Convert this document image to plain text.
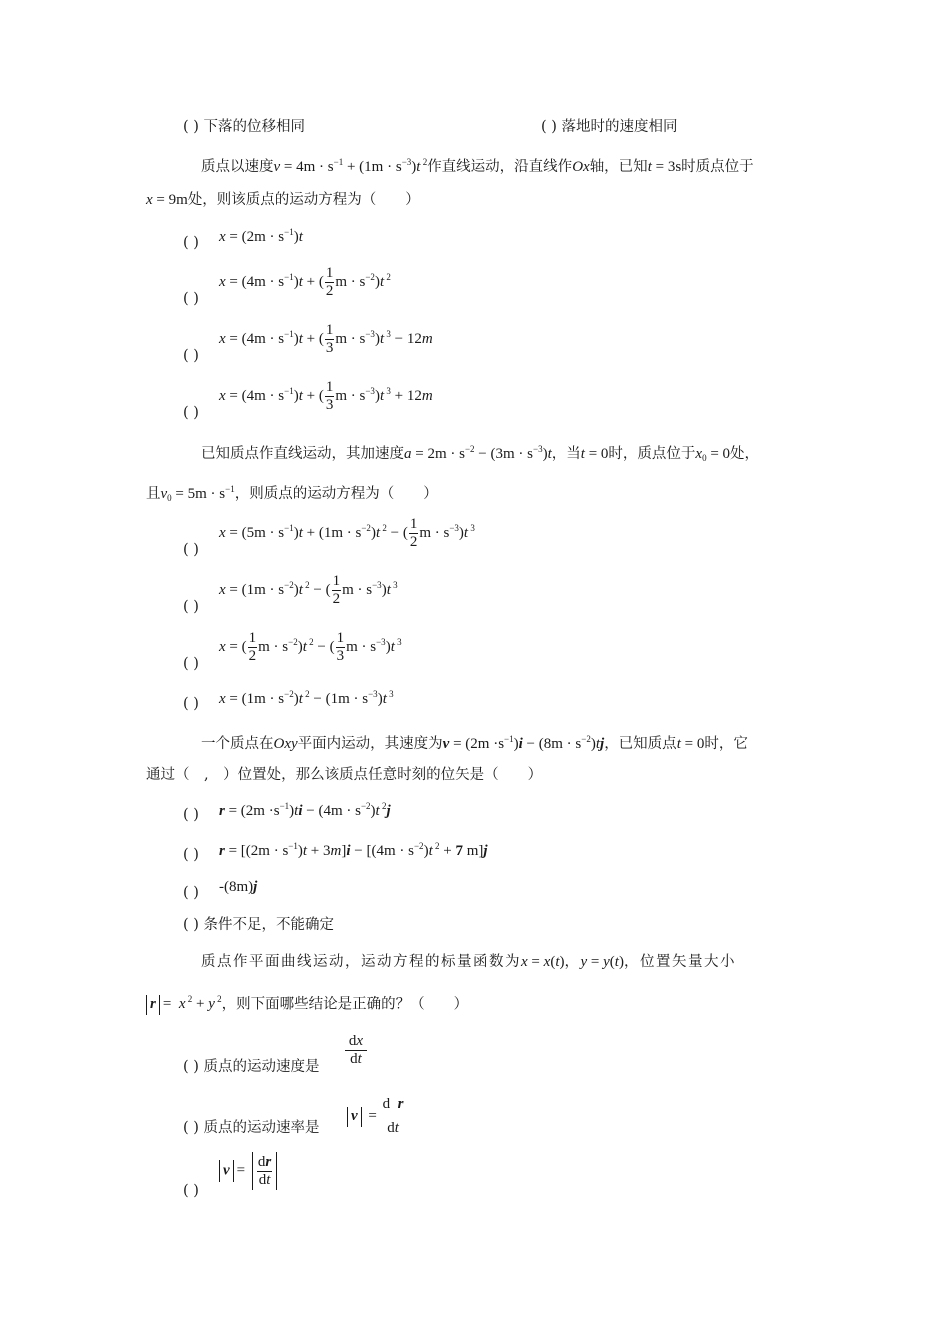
( ) 下落的位移相同	( ) 落地时的速度相同
质点以速度$v = 4m \cdot s^{-1} + (1m \cdot s^{-3})t$ $^2$作直线运动，沿直线作Ox轴，已知t = 3s时质点位于
x = 9m处，则该质点的运动方程为（　　）
( ) $x = (2m \cdot s^{-1})t$
( )
$x = (4m \cdot s^{-1})t$ + ( $\frac{1}{2}$ $m \cdot s^{-2})t$ $^2$
( )
$x = (4m \cdot s^{-1})t$ + ( $\frac{1}{3}$ $m \cdot s^{-3})t$ $^3$ − 12m
( )
$x = (4m \cdot s^{-1})t$ + ( $\frac{1}{3}$ $m \cdot s^{-3})t$ $^3$ + 12m
已知质点作直线运动，其加速度$a = 2m \cdot s^{-2} - (3m \cdot s^{-3})t$，当t = 0时，质点位于$x_0 = 0$处，
且$v_0 = 5m \cdot s^{-1}$，则质点的运动方程为（　　）
( )
$x = (5m \cdot s^{-1})t + (1m \cdot s^{-2})t$ $^2$ − ( $\frac{1}{2}$ $m \cdot s^{-3})t$ $^3$
( )
$x = (1m \cdot s^{-2})t$ $^2$ − ( $\frac{1}{2}$ $m \cdot s^{-3})t$ $^3$
( )
x = ( $\frac{1}{2}$ $m \cdot s^{-2})t$ $^2$ − ( $\frac{1}{3}$ $m \cdot s^{-3})t$ $^3$
( ) $x = (1m \cdot s^{-2})t$ $^2 - (1m \cdot s^{-3})t$ $^3$
一个质点在Oxy平面内运动，其速度为$v = (2m \cdot s^{-1})i - (8m \cdot s^{-2})tj$，已知质点t = 0时，它
通过（　,　）位置处，那么该质点任意时刻的位矢是（　　）
( ) $r = (2m \cdot s^{-1})ti - (4m \cdot s^{-2})t$ $^2$j
( ) $r = [(2m \cdot s^{-1})t + 3m]i - [(4m \cdot s^{-2})t$ $^2$ + 7 m]j
( ) -(8m)j
( ) 条件不足，不能确定
质点作平面曲线运动，运动方程的标量函数为x = x(t)，y = y(t)，位置矢量大小
r =  x $^2$ + y $^2$，则下面哪些结论是正确的？（　　）
( ) 质点的运动速度是 $\frac{dx}{dt}$
( ) 质点的运动速率是
v =
d  r
dt
( )
$v = \frac{dr}{dt}$
